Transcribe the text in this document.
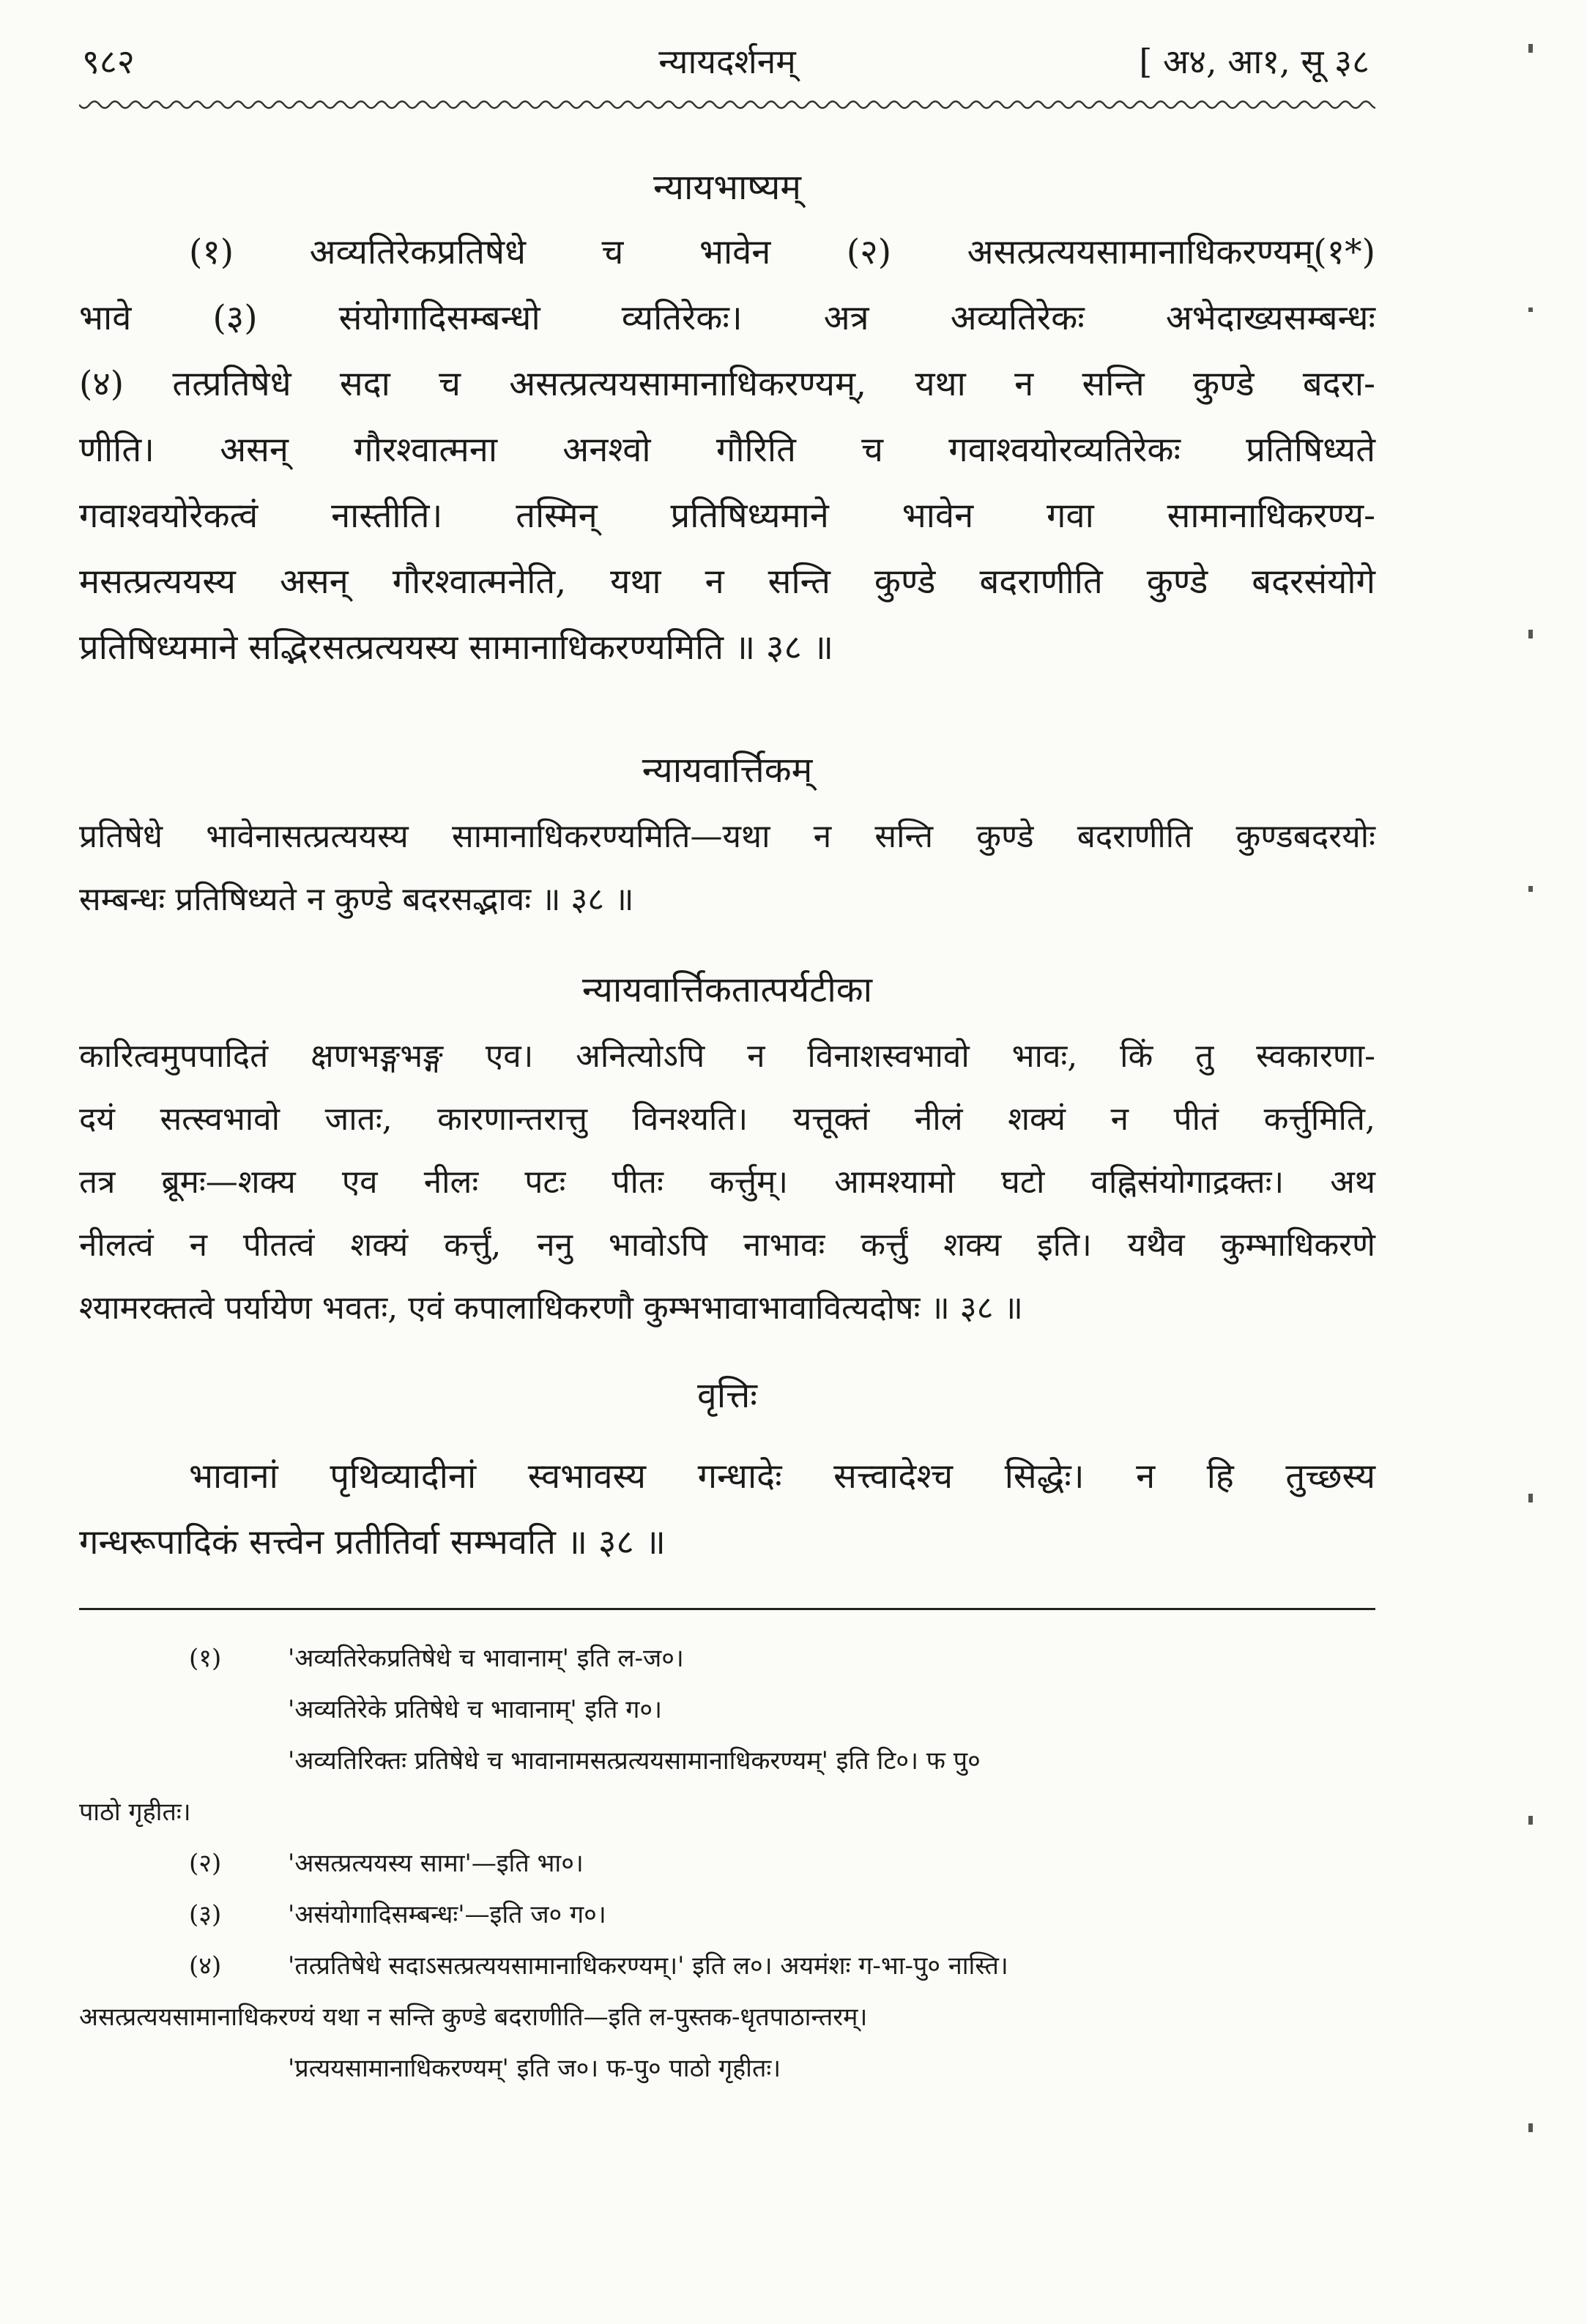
९८२	न्यायदर्शनम्	[ अ४, आ१, सू ३८
न्यायभाष्यम्
(१) अव्यतिरेकप्रतिषेधे च भावेन (२) असत्प्रत्ययसामानाधिकरण्यम्(१*)
भावे (३) संयोगादिसम्बन्धो व्यतिरेकः। अत्र अव्यतिरेकः अभेदाख्यसम्बन्धः
(४) तत्प्रतिषेधे सदा च असत्प्रत्ययसामानाधिकरण्यम्, यथा न सन्ति कुण्डे बदरा-
णीति। असन् गौरश्वात्मना अनश्वो गौरिति च गवाश्वयोरव्यतिरेकः प्रतिषिध्यते
गवाश्वयोरेकत्वं नास्तीति। तस्मिन् प्रतिषिध्यमाने भावेन गवा सामानाधिकरण्य-
मसत्प्रत्ययस्य असन् गौरश्वात्मनेति, यथा न सन्ति कुण्डे बदराणीति कुण्डे बदरसंयोगे
प्रतिषिध्यमाने सद्भिरसत्प्रत्ययस्य सामानाधिकरण्यमिति ॥ ३८ ॥
न्यायवार्त्तिकम्
प्रतिषेधे भावेनासत्प्रत्ययस्य सामानाधिकरण्यमिति—यथा न सन्ति कुण्डे बदराणीति कुण्डबदरयोः
सम्बन्धः प्रतिषिध्यते न कुण्डे बदरसद्भावः ॥ ३८ ॥
न्यायवार्त्तिकतात्पर्यटीका
कारित्वमुपपादितं क्षणभङ्गभङ्ग एव। अनित्योऽपि न विनाशस्वभावो भावः, किं तु स्वकारणा-
दयं सत्स्वभावो जातः, कारणान्तरात्तु विनश्यति। यत्तूक्तं नीलं शक्यं न पीतं कर्त्तुमिति,
तत्र ब्रूमः—शक्य एव नीलः पटः पीतः कर्त्तुम्। आमश्यामो घटो वह्निसंयोगाद्रक्तः। अथ
नीलत्वं न पीतत्वं शक्यं कर्त्तुं, ननु भावोऽपि नाभावः कर्त्तुं शक्य इति। यथैव कुम्भाधिकरणे
श्यामरक्तत्वे पर्यायेण भवतः, एवं कपालाधिकरणौ कुम्भभावाभावावित्यदोषः ॥ ३८ ॥
वृत्तिः
भावानां पृथिव्यादीनां स्वभावस्य गन्धादेः सत्त्वादेश्च सिद्धेः। न हि तुच्छस्य
गन्धरूपादिकं सत्त्वेन प्रतीतिर्वा सम्भवति ॥ ३८ ॥
(१)	'अव्यतिरेकप्रतिषेधे च भावानाम्' इति ल-ज०।
'अव्यतिरेके प्रतिषेधे च भावानाम्' इति ग०।
'अव्यतिरिक्तः प्रतिषेधे च भावानामसत्प्रत्ययसामानाधिकरण्यम्' इति टि०। फ पु०
पाठो गृहीतः।
(२)	'असत्प्रत्ययस्य सामा'—इति भा०।
(३)	'असंयोगादिसम्बन्धः'—इति ज० ग०।
(४)	'तत्प्रतिषेधे सदाऽसत्प्रत्ययसामानाधिकरण्यम्।' इति ल०। अयमंशः ग-भा-पु० नास्ति।
असत्प्रत्ययसामानाधिकरण्यं यथा न सन्ति कुण्डे बदराणीति—इति ल-पुस्तक-धृतपाठान्तरम्।
'प्रत्ययसामानाधिकरण्यम्' इति ज०। फ-पु० पाठो गृहीतः।
